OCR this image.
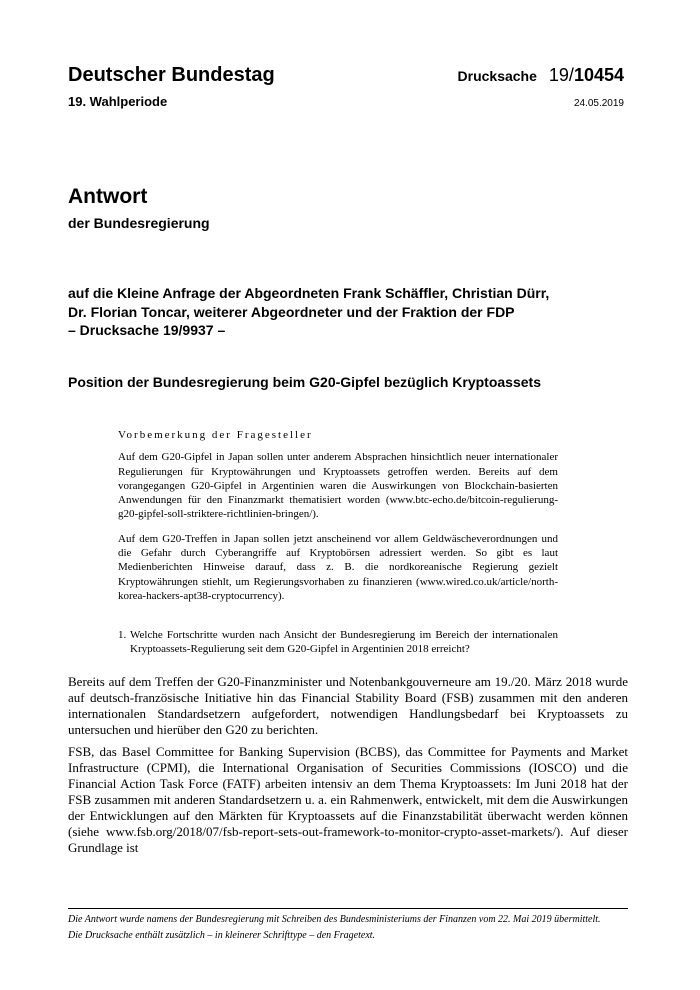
Deutscher Bundestag
19. Wahlperiode
Drucksache 19/10454
24.05.2019
Antwort
der Bundesregierung
auf die Kleine Anfrage der Abgeordneten Frank Schäffler, Christian Dürr,
Dr. Florian Toncar, weiterer Abgeordneter und der Fraktion der FDP
– Drucksache 19/9937 –
Position der Bundesregierung beim G20-Gipfel bezüglich Kryptoassets
Vorbemerkung der Fragesteller

Auf dem G20-Gipfel in Japan sollen unter anderem Absprachen hinsichtlich neuer internationaler Regulierungen für Kryptowährungen und Kryptoassets getroffen werden. Bereits auf dem vorangegangen G20-Gipfel in Argentinien waren die Auswirkungen von Blockchain-basierten Anwendungen für den Finanzmarkt thematisiert worden (www.btc-echo.de/bitcoin-regulierung-g20-gipfel-soll-striktere-richtlinien-bringen/).

Auf dem G20-Treffen in Japan sollen jetzt anscheinend vor allem Geldwäscheverordnungen und die Gefahr durch Cyberangriffe auf Kryptobörsen adressiert werden. So gibt es laut Medienberichten Hinweise darauf, dass z. B. die nordkoreanische Regierung gezielt Kryptowährungen stiehlt, um Regierungsvorhaben zu finanzieren (www.wired.co.uk/article/north-korea-hackers-apt38-cryptocurrency).

1. Welche Fortschritte wurden nach Ansicht der Bundesregierung im Bereich der internationalen Kryptoassets-Regulierung seit dem G20-Gipfel in Argentinien 2018 erreicht?

Bereits auf dem Treffen der G20-Finanzminister und Notenbankgouverneure am 19./20. März 2018 wurde auf deutsch-französische Initiative hin das Financial Stability Board (FSB) zusammen mit den anderen internationalen Standardsetzern aufgefordert, notwendigen Handlungsbedarf bei Kryptoassets zu untersuchen und hierüber den G20 zu berichten.

FSB, das Basel Committee for Banking Supervision (BCBS), das Committee for Payments and Market Infrastructure (CPMI), die International Organisation of Securities Commissions (IOSCO) und die Financial Action Task Force (FATF) arbeiten intensiv an dem Thema Kryptoassets: Im Juni 2018 hat der FSB zusammen mit anderen Standardsetzern u. a. ein Rahmenwerk, entwickelt, mit dem die Auswirkungen der Entwicklungen auf den Märkten für Kryptoassets auf die Finanzstabilität überwacht werden können (siehe www.fsb.org/2018/07/fsb-report-sets-out-framework-to-monitor-crypto-asset-markets/). Auf dieser Grundlage ist

Die Antwort wurde namens der Bundesregierung mit Schreiben des Bundesministeriums der Finanzen vom 22. Mai 2019 übermittelt.

Die Drucksache enthält zusätzlich – in kleinerer Schrifttype – den Fragetext.
